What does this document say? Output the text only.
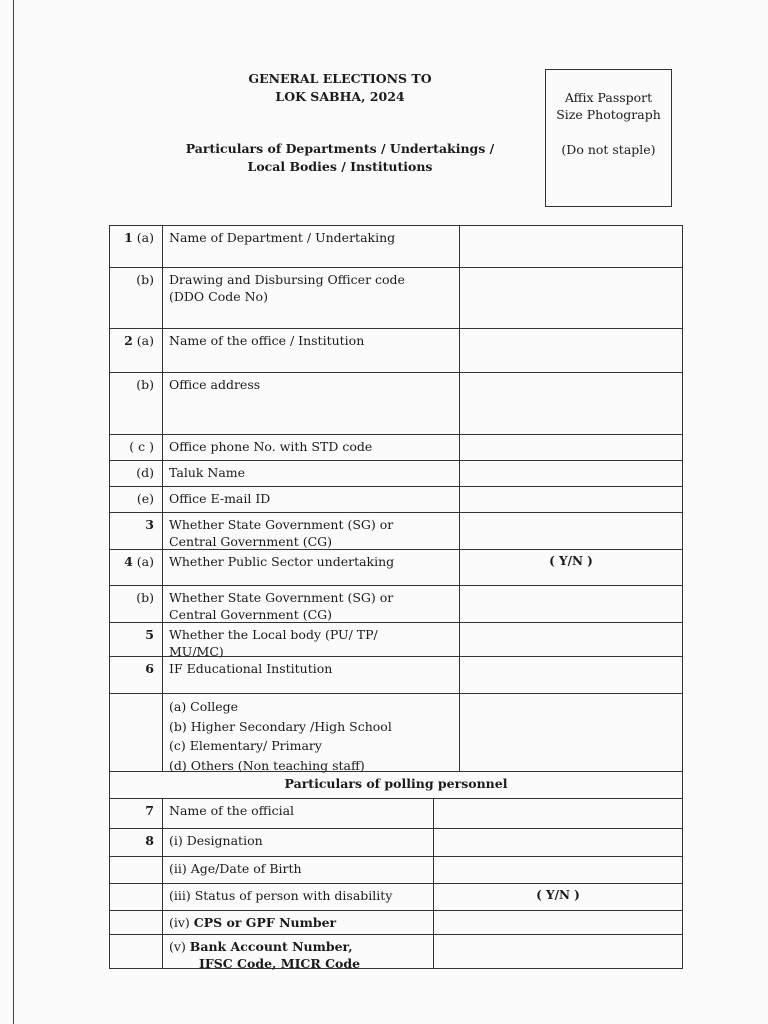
GENERAL ELECTIONS TO
LOK SABHA, 2024
Particulars of Departments / Undertakings /
Local Bodies / Institutions
Affix Passport
Size Photograph
(Do not staple)
1 (a)	Name of Department / Undertaking
(b)	Drawing and Disbursing Officer code
(DDO Code No)
2 (a)	Name of the office / Institution
(b)	Office address
( c )	Office phone No. with STD code
(d)	Taluk Name
(e)	Office E-mail ID
3	Whether State Government (SG) or
Central Government (CG)
4 (a)	Whether Public Sector undertaking	( Y/N )
(b)	Whether State Government (SG) or
Central Government (CG)
5	Whether the Local body (PU/ TP/
MU/MC)
6	IF Educational Institution
(a) College
(b) Higher Secondary /High School
(c) Elementary/ Primary
(d) Others (Non teaching staff)
Particulars of polling personnel
7	Name of the official
8	(i) Designation
(ii) Age/Date of Birth
(iii) Status of person with disability	( Y/N )
(iv) CPS or GPF Number
(v) Bank Account Number,
IFSC Code, MICR Code
